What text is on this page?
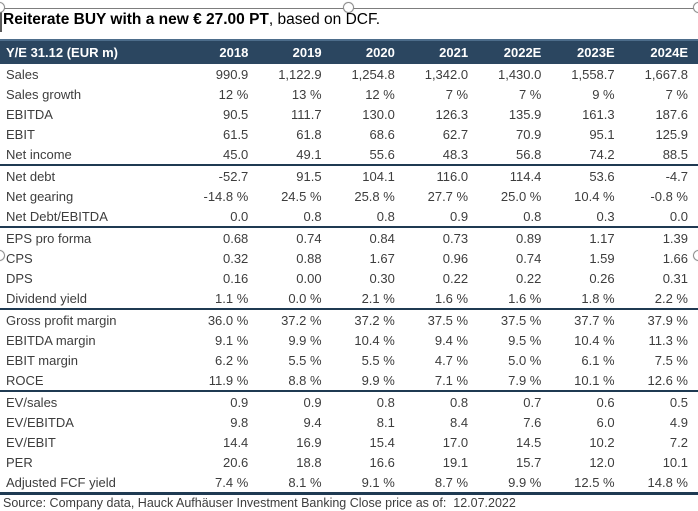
Reiterate BUY with a new € 27.00 PT, based on DCF.
Y/E 31.12 (EUR m)	2018	2019	2020	2021	2022E	2023E	2024E
Sales	990.9	1,122.9	1,254.8	1,342.0	1,430.0	1,558.7	1,667.8
Sales growth	12 %	13 %	12 %	7 %	7 %	9 %	7 %
EBITDA	90.5	111.7	130.0	126.3	135.9	161.3	187.6
EBIT	61.5	61.8	68.6	62.7	70.9	95.1	125.9
Net income	45.0	49.1	55.6	48.3	56.8	74.2	88.5
Net debt	-52.7	91.5	104.1	116.0	114.4	53.6	-4.7
Net gearing	-14.8 %	24.5 %	25.8 %	27.7 %	25.0 %	10.4 %	-0.8 %
Net Debt/EBITDA	0.0	0.8	0.8	0.9	0.8	0.3	0.0
EPS pro forma	0.68	0.74	0.84	0.73	0.89	1.17	1.39
CPS	0.32	0.88	1.67	0.96	0.74	1.59	1.66
DPS	0.16	0.00	0.30	0.22	0.22	0.26	0.31
Dividend yield	1.1 %	0.0 %	2.1 %	1.6 %	1.6 %	1.8 %	2.2 %
Gross profit margin	36.0 %	37.2 %	37.2 %	37.5 %	37.5 %	37.7 %	37.9 %
EBITDA margin	9.1 %	9.9 %	10.4 %	9.4 %	9.5 %	10.4 %	11.3 %
EBIT margin	6.2 %	5.5 %	5.5 %	4.7 %	5.0 %	6.1 %	7.5 %
ROCE	11.9 %	8.8 %	9.9 %	7.1 %	7.9 %	10.1 %	12.6 %
EV/sales	0.9	0.9	0.8	0.8	0.7	0.6	0.5
EV/EBITDA	9.8	9.4	8.1	8.4	7.6	6.0	4.9
EV/EBIT	14.4	16.9	15.4	17.0	14.5	10.2	7.2
PER	20.6	18.8	16.6	19.1	15.7	12.0	10.1
Adjusted FCF yield	7.4 %	8.1 %	9.1 %	8.7 %	9.9 %	12.5 %	14.8 %
Source: Company data, Hauck Aufhäuser Investment Banking Close price as of:  12.07.2022
